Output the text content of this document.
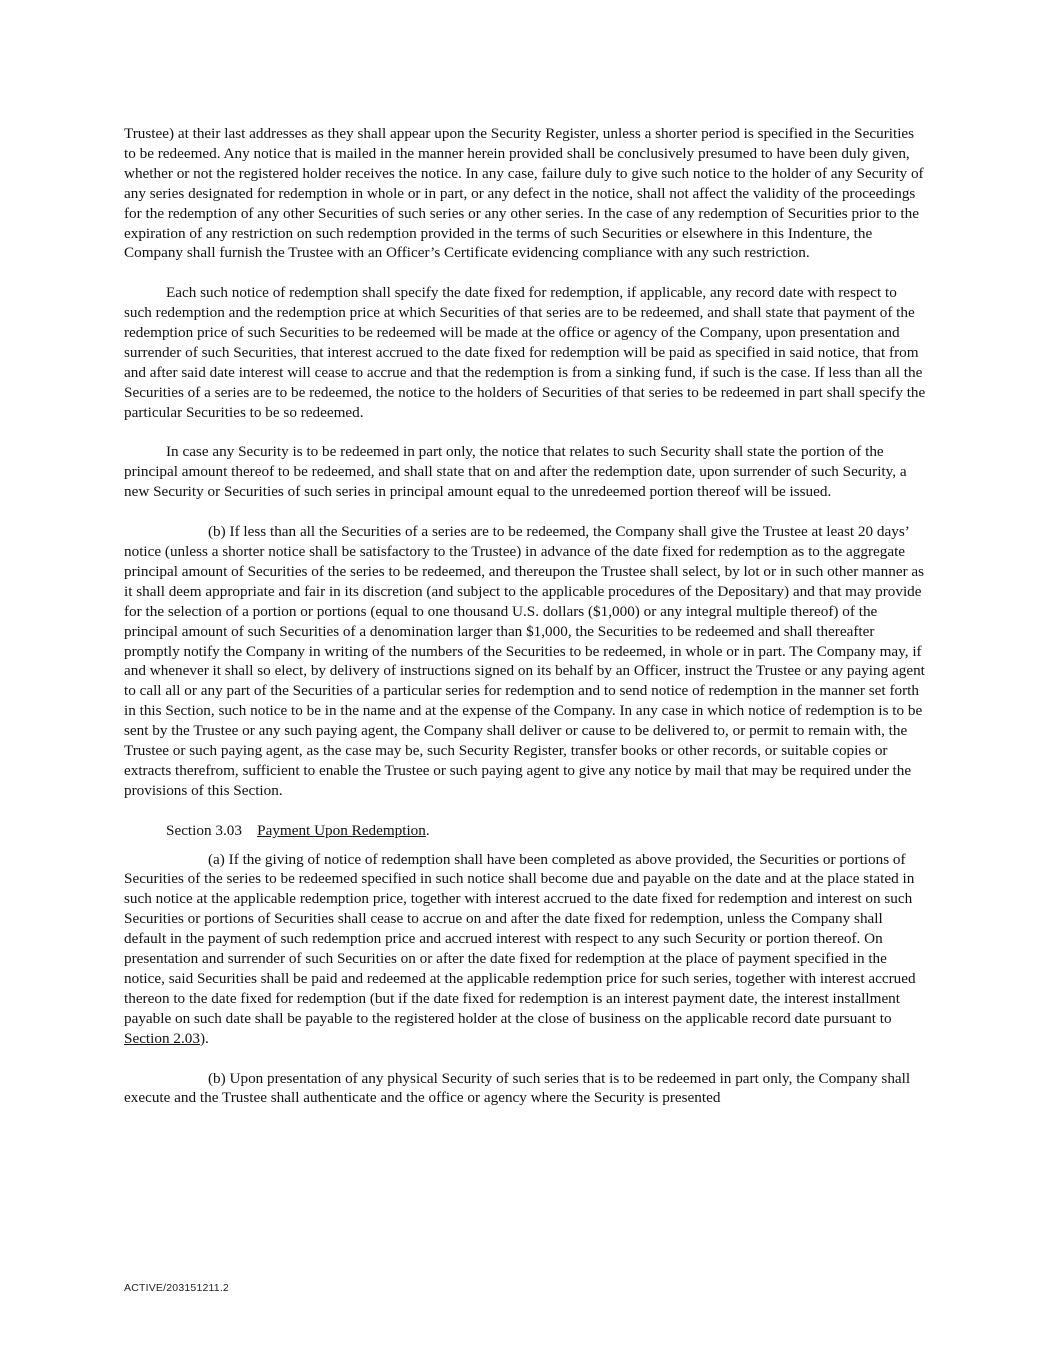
Trustee) at their last addresses as they shall appear upon the Security Register, unless a shorter period is specified in the Securities to be redeemed. Any notice that is mailed in the manner herein provided shall be conclusively presumed to have been duly given, whether or not the registered holder receives the notice. In any case, failure duly to give such notice to the holder of any Security of any series designated for redemption in whole or in part, or any defect in the notice, shall not affect the validity of the proceedings for the redemption of any other Securities of such series or any other series. In the case of any redemption of Securities prior to the expiration of any restriction on such redemption provided in the terms of such Securities or elsewhere in this Indenture, the Company shall furnish the Trustee with an Officer’s Certificate evidencing compliance with any such restriction.

Each such notice of redemption shall specify the date fixed for redemption, if applicable, any record date with respect to such redemption and the redemption price at which Securities of that series are to be redeemed, and shall state that payment of the redemption price of such Securities to be redeemed will be made at the office or agency of the Company, upon presentation and surrender of such Securities, that interest accrued to the date fixed for redemption will be paid as specified in said notice, that from and after said date interest will cease to accrue and that the redemption is from a sinking fund, if such is the case. If less than all the Securities of a series are to be redeemed, the notice to the holders of Securities of that series to be redeemed in part shall specify the particular Securities to be so redeemed.

In case any Security is to be redeemed in part only, the notice that relates to such Security shall state the portion of the principal amount thereof to be redeemed, and shall state that on and after the redemption date, upon surrender of such Security, a new Security or Securities of such series in principal amount equal to the unredeemed portion thereof will be issued.

(b) If less than all the Securities of a series are to be redeemed, the Company shall give the Trustee at least 20 days’ notice (unless a shorter notice shall be satisfactory to the Trustee) in advance of the date fixed for redemption as to the aggregate principal amount of Securities of the series to be redeemed, and thereupon the Trustee shall select, by lot or in such other manner as it shall deem appropriate and fair in its discretion (and subject to the applicable procedures of the Depositary) and that may provide for the selection of a portion or portions (equal to one thousand U.S. dollars ($1,000) or any integral multiple thereof) of the principal amount of such Securities of a denomination larger than $1,000, the Securities to be redeemed and shall thereafter promptly notify the Company in writing of the numbers of the Securities to be redeemed, in whole or in part. The Company may, if and whenever it shall so elect, by delivery of instructions signed on its behalf by an Officer, instruct the Trustee or any paying agent to call all or any part of the Securities of a particular series for redemption and to send notice of redemption in the manner set forth in this Section, such notice to be in the name and at the expense of the Company. In any case in which notice of redemption is to be sent by the Trustee or any such paying agent, the Company shall deliver or cause to be delivered to, or permit to remain with, the Trustee or such paying agent, as the case may be, such Security Register, transfer books or other records, or suitable copies or extracts therefrom, sufficient to enable the Trustee or such paying agent to give any notice by mail that may be required under the provisions of this Section.

Section 3.03 Payment Upon Redemption.

(a) If the giving of notice of redemption shall have been completed as above provided, the Securities or portions of Securities of the series to be redeemed specified in such notice shall become due and payable on the date and at the place stated in such notice at the applicable redemption price, together with interest accrued to the date fixed for redemption and interest on such Securities or portions of Securities shall cease to accrue on and after the date fixed for redemption, unless the Company shall default in the payment of such redemption price and accrued interest with respect to any such Security or portion thereof. On presentation and surrender of such Securities on or after the date fixed for redemption at the place of payment specified in the notice, said Securities shall be paid and redeemed at the applicable redemption price for such series, together with interest accrued thereon to the date fixed for redemption (but if the date fixed for redemption is an interest payment date, the interest installment payable on such date shall be payable to the registered holder at the close of business on the applicable record date pursuant to Section 2.03).

(b) Upon presentation of any physical Security of such series that is to be redeemed in part only, the Company shall execute and the Trustee shall authenticate and the office or agency where the Security is presented

ACTIVE/203151211.2
